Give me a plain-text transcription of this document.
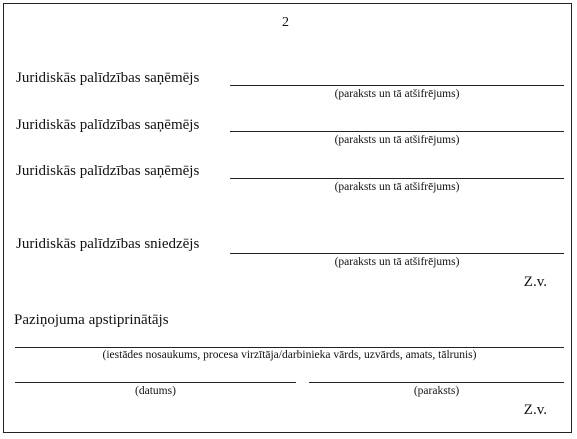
2
Juridiskās palīdzības saņēmējs
(paraksts un tā atšifrējums)
Juridiskās palīdzības saņēmējs
(paraksts un tā atšifrējums)
Juridiskās palīdzības saņēmējs
(paraksts un tā atšifrējums)
Juridiskās palīdzības sniedzējs
(paraksts un tā atšifrējums)
Z.v.
Paziņojuma apstiprinātājs
(iestādes nosaukums, procesa virzītāja/darbinieka vārds, uzvārds, amats, tālrunis)
(datums)	(paraksts)
Z.v.
